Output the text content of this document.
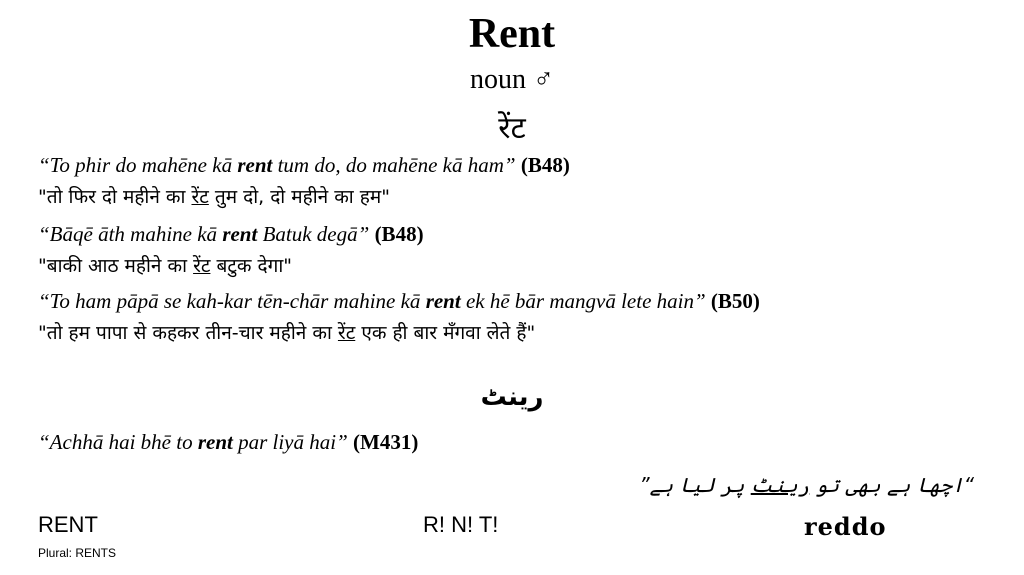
Rent
noun ♂
रेंट
“To phir do mahēne kā rent tum do, do mahēne kā ham” (B48)
"तो फिर दो महीने का रेंट तुम दो, दो महीने का हम"
“Bāqē āth mahine kā rent Batuk degā” (B48)
"बाकी आठ महीने का रेंट बटुक देगा"
“To ham pāpā se kah-kar tēn-chār mahine kā rent ek hē bār mangvā lete hain” (B50)
"तो हम पापा से कहकर तीन-चार महीने का रेंट एक ही बार मँगवा लेते हैं"
رینٹ
“Achhā hai bhē to rent par liyā hai” (M431)
“اچھا ہے بھی تو رینٹ پر لیا ہے”
RENT
Plural: RENTS
R! N! T!	reddo
